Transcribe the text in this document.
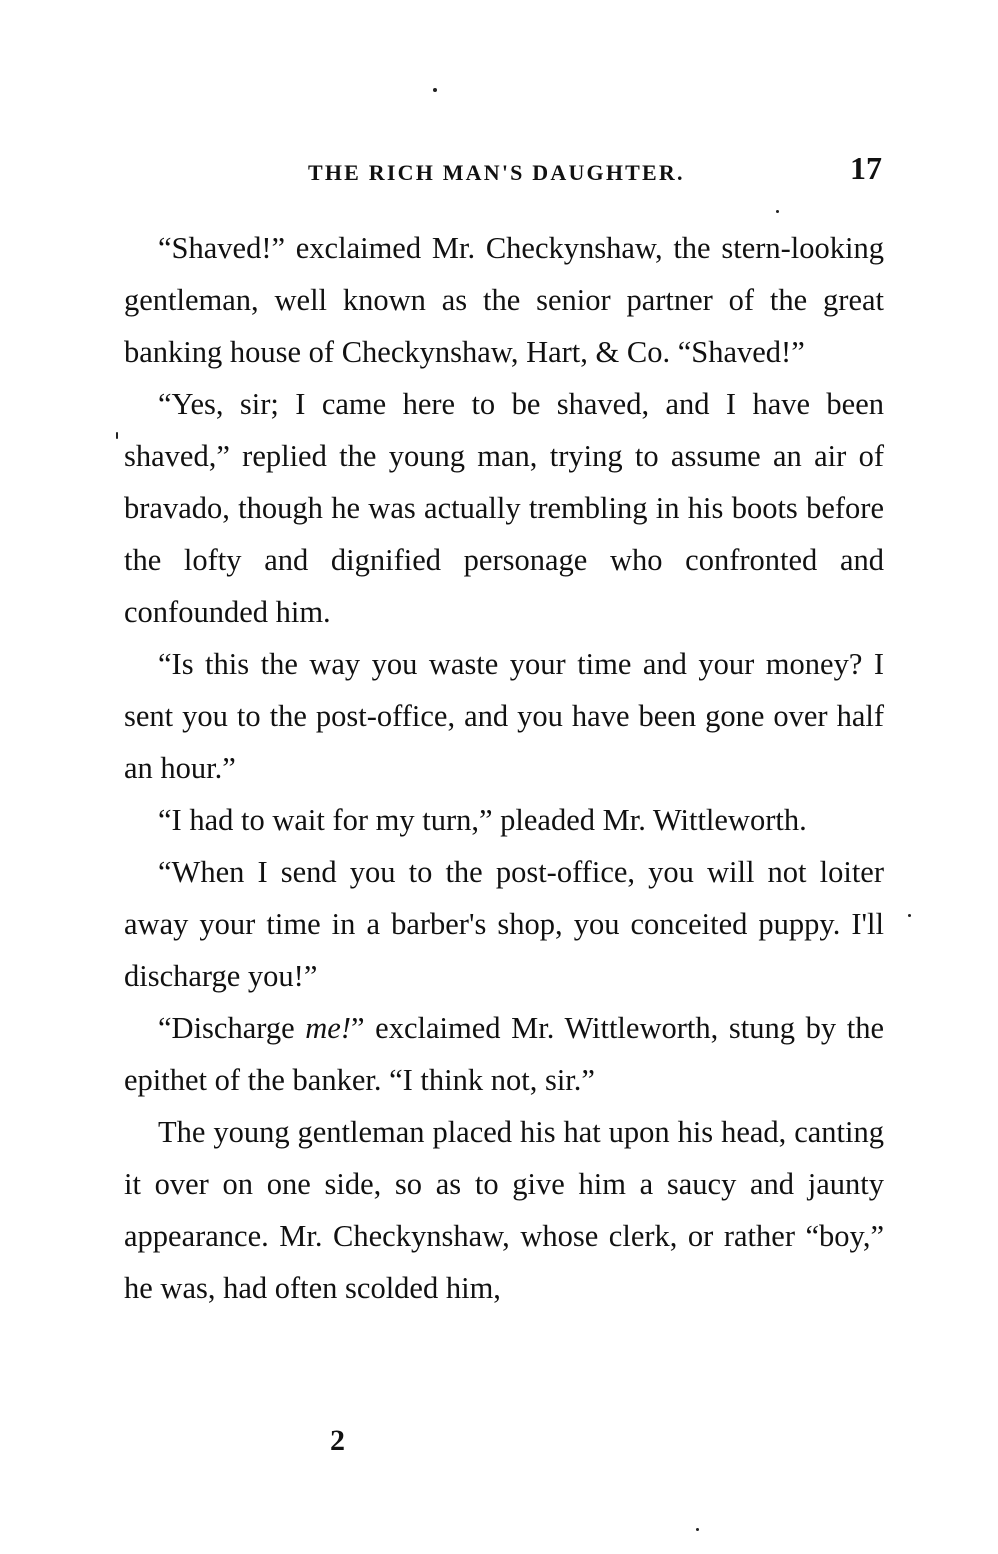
THE RICH MAN'S DAUGHTER.	17

“Shaved!” exclaimed Mr. Checkynshaw, the stern-looking gentleman, well known as the senior partner of the great banking house of Checkynshaw, Hart, & Co. “Shaved!”

“Yes, sir; I came here to be shaved, and I have been shaved,” replied the young man, trying to assume an air of bravado, though he was actually trembling in his boots before the lofty and dignified personage who confronted and confounded him.

“Is this the way you waste your time and your money? I sent you to the post-office, and you have been gone over half an hour.”

“I had to wait for my turn,” pleaded Mr. Wittleworth.

“When I send you to the post-office, you will not loiter away your time in a barber's shop, you conceited puppy. I'll discharge you!”

“Discharge me!” exclaimed Mr. Wittleworth, stung by the epithet of the banker. “I think not, sir.”

The young gentleman placed his hat upon his head, canting it over on one side, so as to give him a saucy and jaunty appearance. Mr. Checkynshaw, whose clerk, or rather “boy,” he was, had often scolded him,

2
